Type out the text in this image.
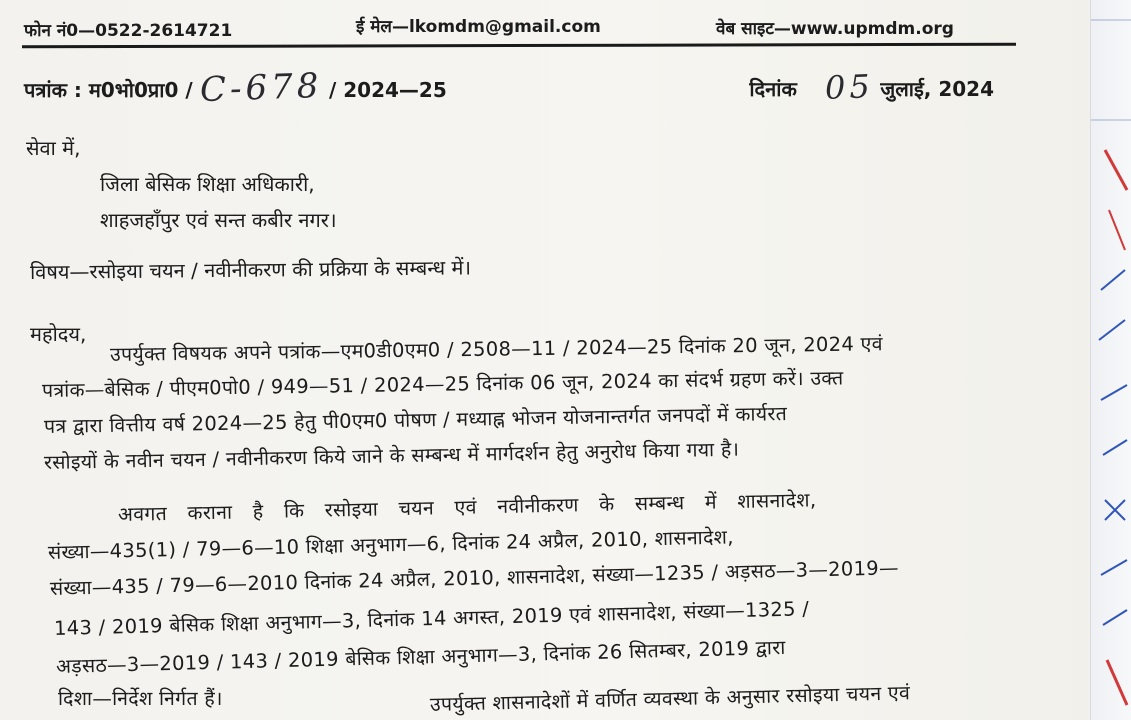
फोन नं0—0522-2614721	ई मेल—lkomdm@gmail.com	वेब साइट—www.upmdm.org
पत्रांक : म0भो0प्रा0 / C-678 / 2024—25	दिनांक 05 जुलाई, 2024
सेवा में,
जिला बेसिक शिक्षा अधिकारी,
शाहजहाँपुर एवं सन्त कबीर नगर।
विषय—रसोइया चयन / नवीनीकरण की प्रक्रिया के सम्बन्ध में।
महोदय, उपर्युक्त विषयक अपने पत्रांक—एम0डी0एम0 / 2508—11 / 2024—25 दिनांक 20 जून, 2024 एवं
पत्रांक—बेसिक / पीएम0पो0 / 949—51 / 2024—25 दिनांक 06 जून, 2024 का संदर्भ ग्रहण करें। उक्त
पत्र द्वारा वित्तीय वर्ष 2024—25 हेतु पी0एम0 पोषण / मध्याह्न भोजन योजनान्तर्गत जनपदों में कार्यरत
रसोइयों के नवीन चयन / नवीनीकरण किये जाने के सम्बन्ध में मार्गदर्शन हेतु अनुरोध किया गया है।
अवगत कराना है कि रसोइया चयन एवं नवीनीकरण के सम्बन्ध में शासनादेश,
संख्या—435(1) / 79—6—10 शिक्षा अनुभाग—6, दिनांक 24 अप्रैल, 2010, शासनादेश,
संख्या—435 / 79—6—2010 दिनांक 24 अप्रैल, 2010, शासनादेश, संख्या—1235 / अड़सठ—3—2019—
143 / 2019 बेसिक शिक्षा अनुभाग—3, दिनांक 14 अगस्त, 2019 एवं शासनादेश, संख्या—1325 /
अड़सठ—3—2019 / 143 / 2019 बेसिक शिक्षा अनुभाग—3, दिनांक 26 सितम्बर, 2019 द्वारा
दिशा—निर्देश निर्गत हैं।	उपर्युक्त शासनादेशों में वर्णित व्यवस्था के अनुसार रसोइया चयन एवं
